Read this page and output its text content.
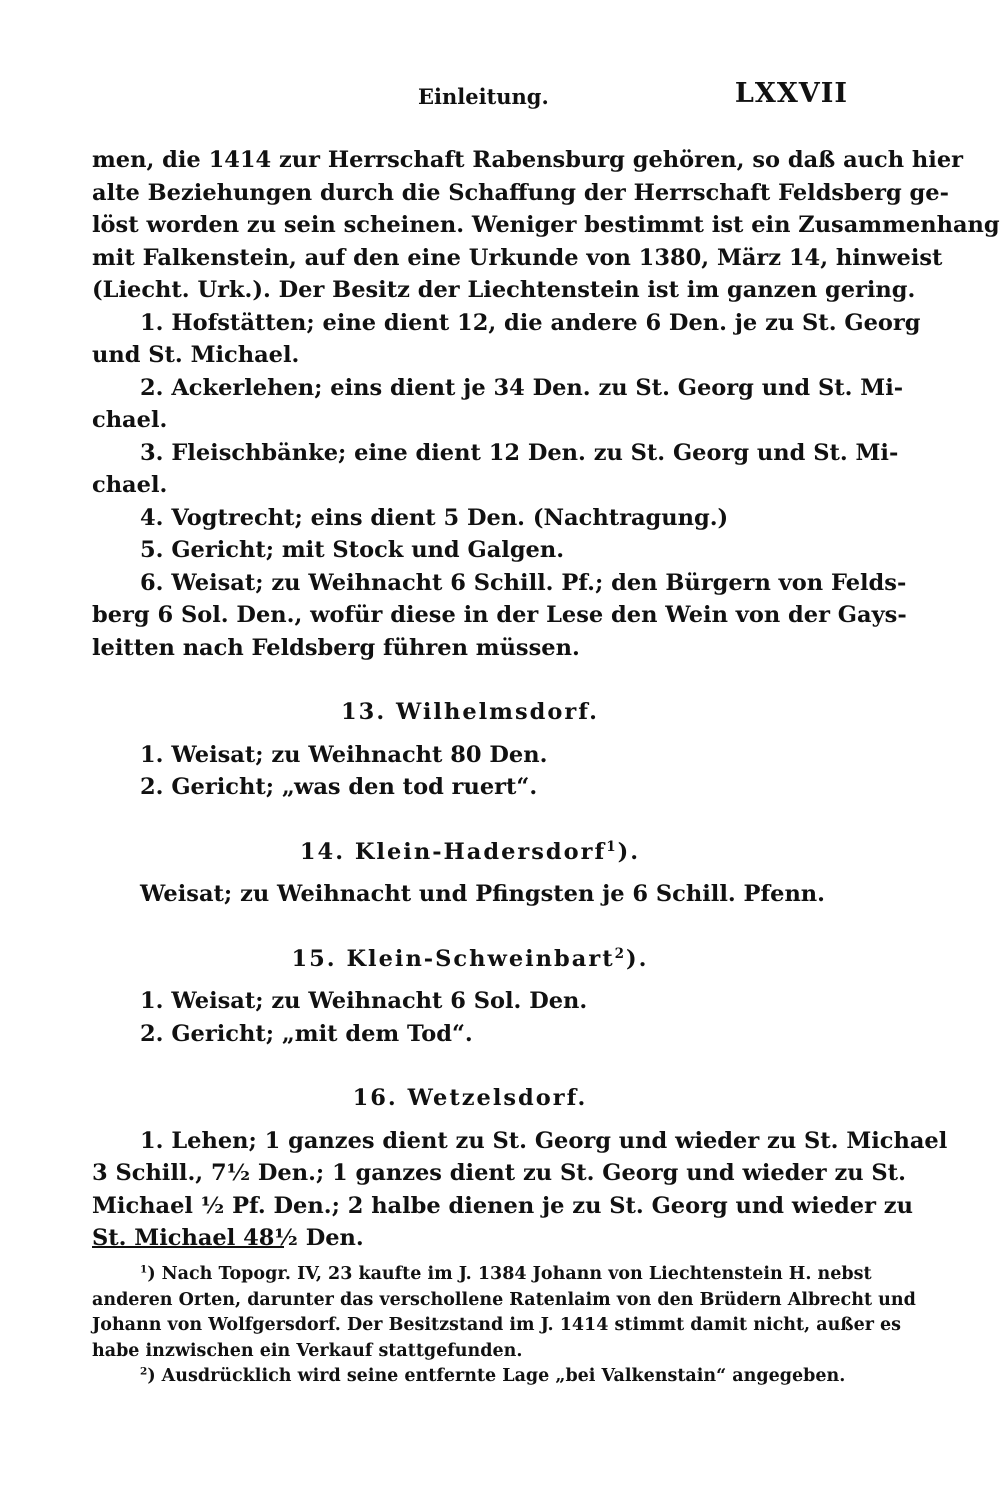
Einleitung.	LXXVII
men, die 1414 zur Herrschaft Rabensburg gehören, so daß auch hier
alte Beziehungen durch die Schaffung der Herrschaft Feldsberg ge-
löst worden zu sein scheinen. Weniger bestimmt ist ein Zusammenhang
mit Falkenstein, auf den eine Urkunde von 1380, März 14, hinweist
(Liecht. Urk.). Der Besitz der Liechtenstein ist im ganzen gering.
1. Hofstätten; eine dient 12, die andere 6 Den. je zu St. Georg
und St. Michael.
2. Ackerlehen; eins dient je 34 Den. zu St. Georg und St. Mi-
chael.
3. Fleischbänke; eine dient 12 Den. zu St. Georg und St. Mi-
chael.
4. Vogtrecht; eins dient 5 Den. (Nachtragung.)
5. Gericht; mit Stock und Galgen.
6. Weisat; zu Weihnacht 6 Schill. Pf.; den Bürgern von Felds-
berg 6 Sol. Den., wofür diese in der Lese den Wein von der Gays-
leitten nach Feldsberg führen müssen.
13. Wilhelmsdorf.
1. Weisat; zu Weihnacht 80 Den.
2. Gericht; „was den tod ruert“.
14. Klein-Hadersdorf$^1$).
Weisat; zu Weihnacht und Pfingsten je 6 Schill. Pfenn.
15. Klein-Schweinbart$^2$).
1. Weisat; zu Weihnacht 6 Sol. Den.
2. Gericht; „mit dem Tod“.
16. Wetzelsdorf.
1. Lehen; 1 ganzes dient zu St. Georg und wieder zu St. Michael
3 Schill., 7½ Den.; 1 ganzes dient zu St. Georg und wieder zu St.
Michael ½ Pf. Den.; 2 halbe dienen je zu St. Georg und wieder zu
St. Michael 48½ Den.
$^1$) Nach Topogr. IV, 23 kaufte im J. 1384 Johann von Liechtenstein H. nebst
anderen Orten, darunter das verschollene Ratenlaim von den Brüdern Albrecht und
Johann von Wolfgersdorf. Der Besitzstand im J. 1414 stimmt damit nicht, außer es
habe inzwischen ein Verkauf stattgefunden.
$^2$) Ausdrücklich wird seine entfernte Lage „bei Valkenstain“ angegeben.
